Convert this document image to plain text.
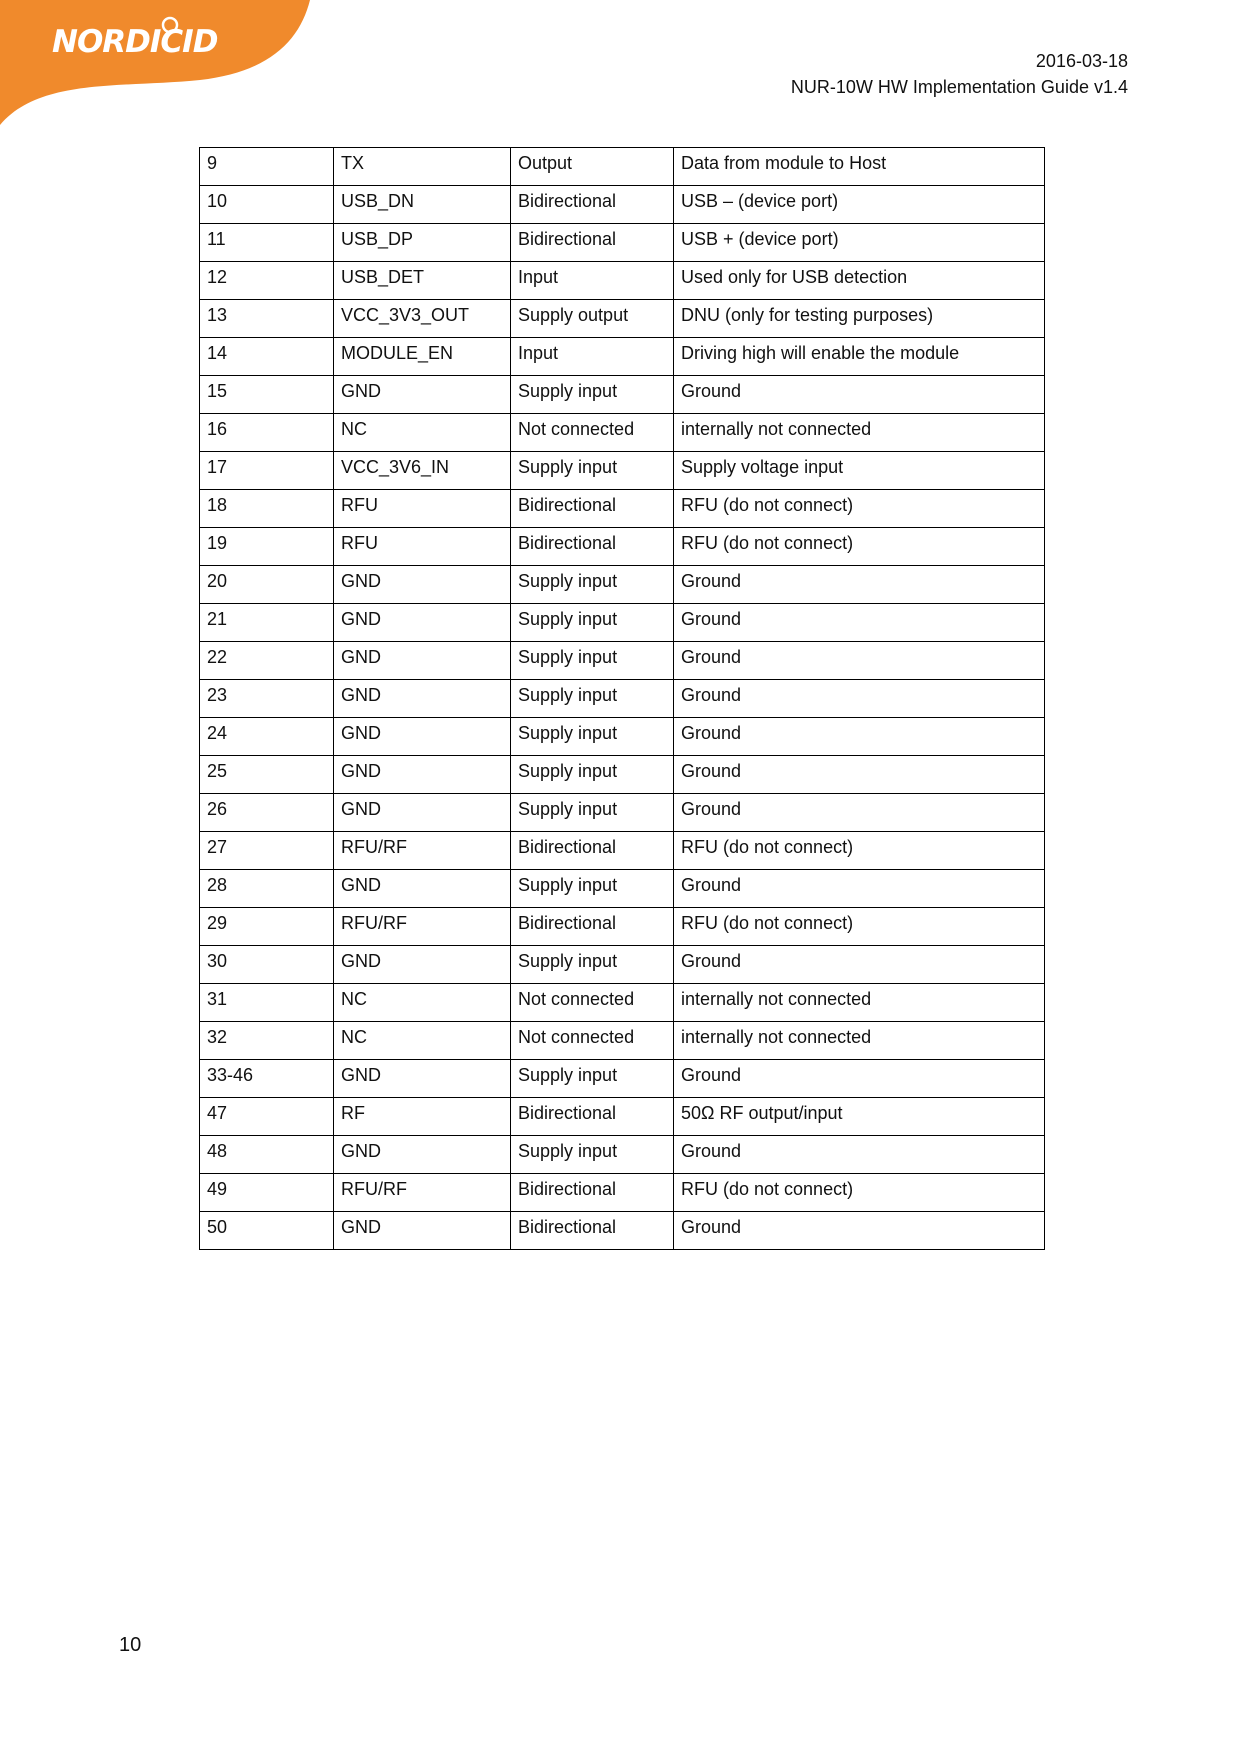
NORDICID
2016-03-18
NUR-10W HW Implementation Guide v1.4
9	TX	Output	Data from module to Host
10	USB_DN	Bidirectional	USB – (device port)
11	USB_DP	Bidirectional	USB + (device port)
12	USB_DET	Input	Used only for USB detection
13	VCC_3V3_OUT	Supply output	DNU (only for testing purposes)
14	MODULE_EN	Input	Driving high will enable the module
15	GND	Supply input	Ground
16	NC	Not connected	internally not connected
17	VCC_3V6_IN	Supply input	Supply voltage input
18	RFU	Bidirectional	RFU (do not connect)
19	RFU	Bidirectional	RFU (do not connect)
20	GND	Supply input	Ground
21	GND	Supply input	Ground
22	GND	Supply input	Ground
23	GND	Supply input	Ground
24	GND	Supply input	Ground
25	GND	Supply input	Ground
26	GND	Supply input	Ground
27	RFU/RF	Bidirectional	RFU (do not connect)
28	GND	Supply input	Ground
29	RFU/RF	Bidirectional	RFU (do not connect)
30	GND	Supply input	Ground
31	NC	Not connected	internally not connected
32	NC	Not connected	internally not connected
33-46	GND	Supply input	Ground
47	RF	Bidirectional	50Ω RF output/input
48	GND	Supply input	Ground
49	RFU/RF	Bidirectional	RFU (do not connect)
50	GND	Bidirectional	Ground
10
